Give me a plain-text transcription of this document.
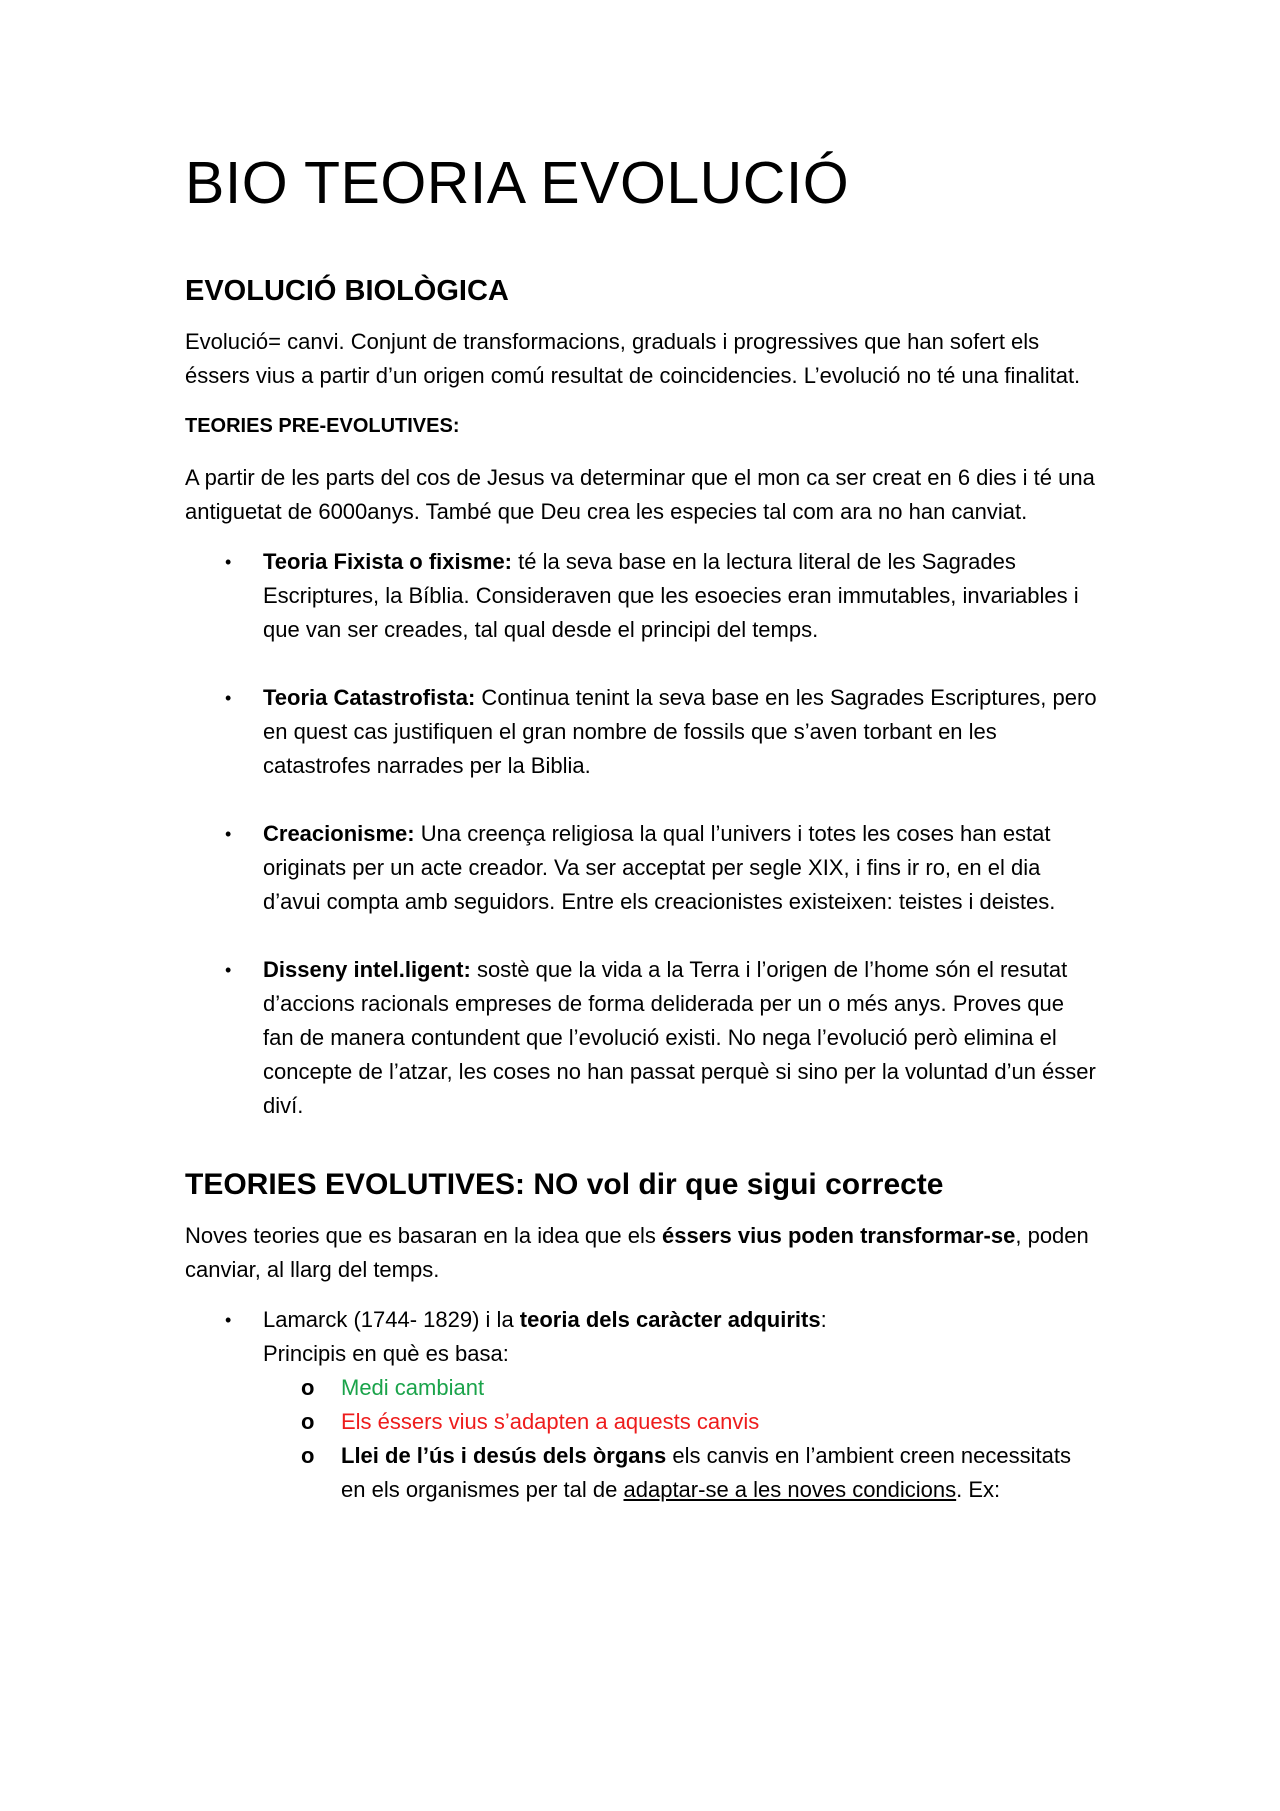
BIO TEORIA EVOLUCIÓ
EVOLUCIÓ BIOLÒGICA

Evolució= canvi. Conjunt de transformacions, graduals i progressives que han sofert els éssers vius a partir d’un origen comú resultat de coincidencies. L’evolució no té una finalitat.

TEORIES PRE-EVOLUTIVES:

A partir de les parts del cos de Jesus va determinar que el mon ca ser creat en 6 dies i té una antiguetat de 6000anys. També que Deu crea les especies tal com ara no han canviat.

• Teoria Fixista o fixisme: té la seva base en la lectura literal de les Sagrades Escriptures, la Bíblia. Consideraven que les esoecies eran immutables, invariables i que van ser creades, tal qual desde el principi del temps.
• Teoria Catastrofista: Continua tenint la seva base en les Sagrades Escriptures, pero en quest cas justifiquen el gran nombre de fossils que s’aven torbant en les catastrofes narrades per la Biblia.
• Creacionisme: Una creença religiosa la qual l’univers i totes les coses han estat originats per un acte creador. Va ser acceptat per segle XIX, i fins ir ro, en el dia d’avui compta amb seguidors. Entre els creacionistes existeixen: teistes i deistes.
• Disseny intel.ligent: sostè que la vida a la Terra i l’origen de l’home són el resutat d’accions racionals empreses de forma deliderada per un o més anys. Proves que fan de manera contundent que l’evolució existi. No nega l’evolució però elimina el concepte de l’atzar, les coses no han passat perquè si sino per la voluntad d’un ésser diví.
TEORIES EVOLUTIVES: NO vol dir que sigui correcte

Noves teories que es basaran en la idea que els éssers vius poden transformar-se, poden canviar, al llarg del temps.

• Lamarck (1744- 1829) i la teoria dels caràcter adquirits:
Principis en què es basa:
o Medi cambiant
o Els éssers vius s’adapten a aquests canvis
o Llei de l’ús i desús dels òrgans els canvis en l’ambient creen necessitats en els organismes per tal de adaptar-se a les noves condicions. Ex:
